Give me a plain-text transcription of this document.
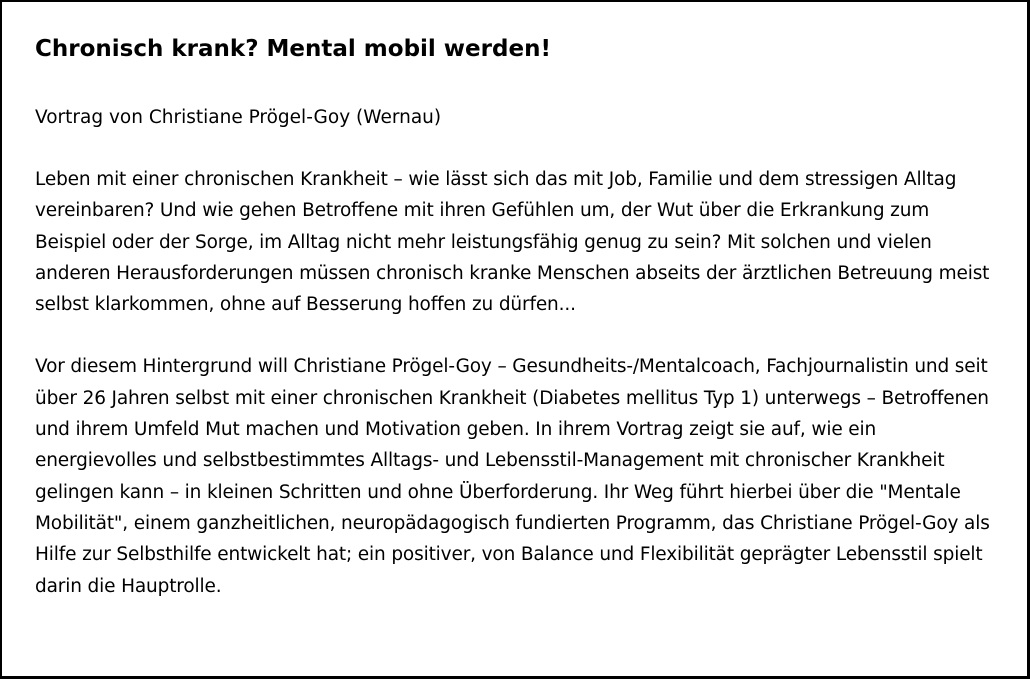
Chronisch krank? Mental mobil werden!

Vortrag von Christiane Prögel-Goy (Wernau)

Leben mit einer chronischen Krankheit – wie lässt sich das mit Job, Familie und dem stressigen Alltag vereinbaren? Und wie gehen Betroffene mit ihren Gefühlen um, der Wut über die Erkrankung zum Beispiel oder der Sorge, im Alltag nicht mehr leistungsfähig genug zu sein? Mit solchen und vielen anderen Herausforderungen müssen chronisch kranke Menschen abseits der ärztlichen Betreuung meist selbst klarkommen, ohne auf Besserung hoffen zu dürfen...

Vor diesem Hintergrund will Christiane Prögel-Goy – Gesundheits-/Mentalcoach, Fachjournalistin und seit über 26 Jahren selbst mit einer chronischen Krankheit (Diabetes mellitus Typ 1) unterwegs – Betroffenen und ihrem Umfeld Mut machen und Motivation geben. In ihrem Vortrag zeigt sie auf, wie ein energievolles und selbstbestimmtes Alltags- und Lebensstil-Management mit chronischer Krankheit gelingen kann – in kleinen Schritten und ohne Überforderung. Ihr Weg führt hierbei über die "Mentale Mobilität", einem ganzheitlichen, neuropädagogisch fundierten Programm, das Christiane Prögel-Goy als Hilfe zur Selbsthilfe entwickelt hat; ein positiver, von Balance und Flexibilität geprägter Lebensstil spielt darin die Hauptrolle.
